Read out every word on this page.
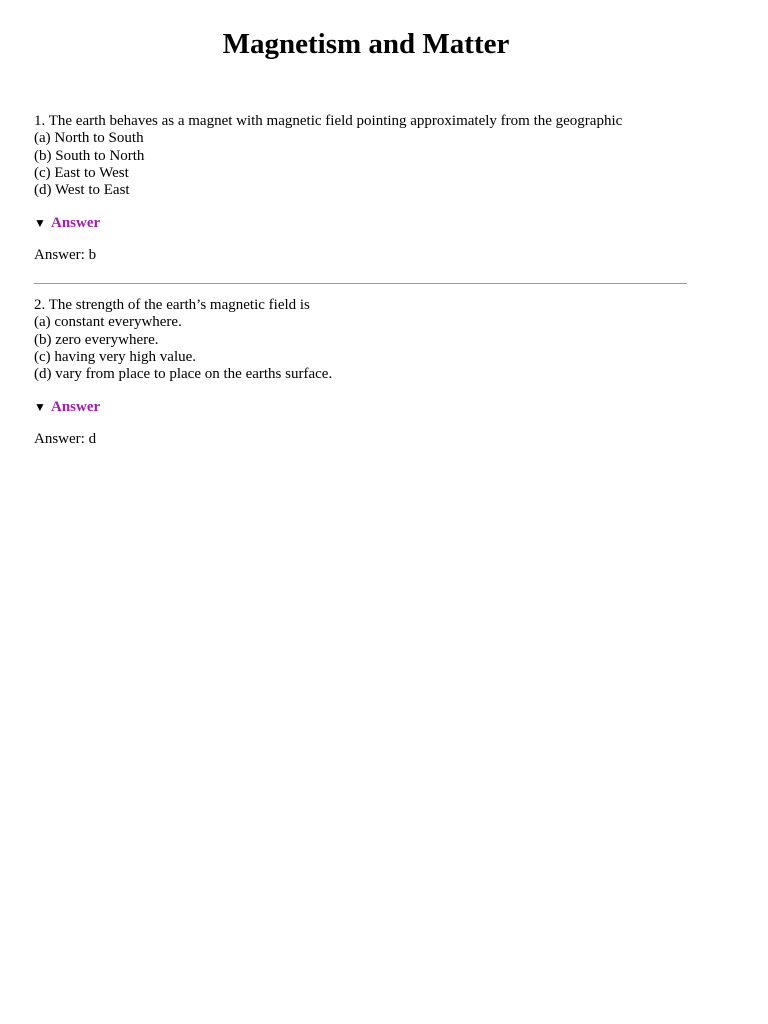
Magnetism and Matter
1. The earth behaves as a magnet with magnetic field pointing approximately from the geographic
(a) North to South
(b) South to North
(c) East to West
(d) West to East
▼ Answer
Answer: b
2. The strength of the earth’s magnetic field is
(a) constant everywhere.
(b) zero everywhere.
(c) having very high value.
(d) vary from place to place on the earths surface.
▼ Answer
Answer: d
